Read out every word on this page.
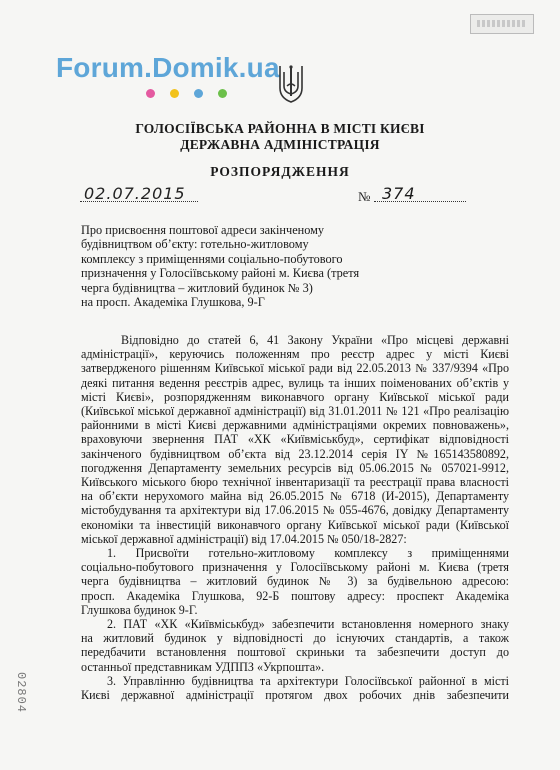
Forum.Domik.ua
ГОЛОСІЇВСЬКА РАЙОННА В МІСТІ КИЄВІ
ДЕРЖАВНА АДМІНІСТРАЦІЯ
РОЗПОРЯДЖЕННЯ
02.07.2015	№ 374
Про присвоєння поштової адреси закінченому
будівництвом об’єкту: готельно-житловому
комплексу з приміщеннями соціально-побутового
призначення у Голосіївському районі м. Києва (третя
черга будівництва – житловий будинок № 3)
на просп. Академіка Глушкова, 9-Г
Відповідно до статей 6, 41 Закону України «Про місцеві державні
адміністрації», керуючись положенням про реєстр адрес у місті Києві
затвердженого рішенням Київської міської ради від 22.05.2013 № 337/9394 «Про
деякі питання ведення реєстрів адрес, вулиць та інших поіменованих об’єктів у
місті Києві», розпорядженням виконавчого органу Київської міської ради
(Київської міської державної адміністрації) від 31.01.2011 № 121 «Про реалізацію
районними в місті Києві державними адміністраціями окремих повноважень»,
враховуючи звернення ПАТ «ХК «Київміськбуд», сертифікат відповідності
закінченого будівництвом об’єкта від 23.12.2014 серія IY №165143580892,
погодження Департаменту земельних ресурсів від 05.06.2015 № 057021-9912,
Київського міського бюро технічної інвентаризації та реєстрації права власності
на об’єкти нерухомого майна від 26.05.2015 № 6718 (И-2015), Департаменту
містобудування та архітектури від 17.06.2015 № 055-4676, довідку Департаменту
економіки та інвестицій виконавчого органу Київської міської ради (Київської
міської державної адміністрації) від 17.04.2015 № 050/18-2827:
1. Присвоїти готельно-житловому комплексу з приміщеннями
соціально-побутового призначення у Голосіївському районі м. Києва (третя
черга будівництва – житловий будинок № 3) за будівельною адресою:
просп. Академіка Глушкова, 92-Б поштову адресу: проспект Академіка
Глушкова будинок 9-Г.
2. ПАТ «ХК «Київміськбуд» забезпечити встановлення номерного знаку
на житловий будинок у відповідності до існуючих стандартів, а також
передбачити встановлення поштової скриньки та забезпечити доступ до
останньої представникам УДППЗ «Укрпошта».
3. Управлінню будівництва та архітектури Голосіївської районної в місті
Києві державної адміністрації протягом двох робочих днів забезпечити
02804
